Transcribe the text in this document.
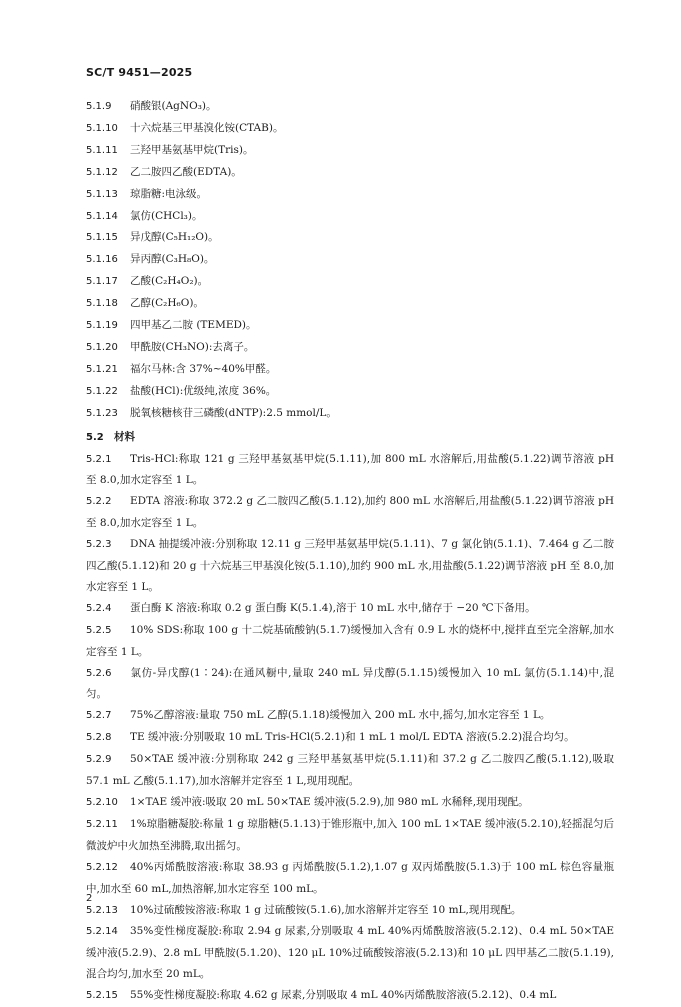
SC/T 9451—2025
5.1.9 硝酸银(AgNO₃)。
5.1.10 十六烷基三甲基溴化铵(CTAB)。
5.1.11 三羟甲基氨基甲烷(Tris)。
5.1.12 乙二胺四乙酸(EDTA)。
5.1.13 琼脂糖:电泳级。
5.1.14 氯仿(CHCl₃)。
5.1.15 异戊醇(C₅H₁₂O)。
5.1.16 异丙醇(C₃H₈O)。
5.1.17 乙酸(C₂H₄O₂)。
5.1.18 乙醇(C₂H₆O)。
5.1.19 四甲基乙二胺 (TEMED)。
5.1.20 甲酰胺(CH₃NO):去离子。
5.1.21 福尔马林:含 37%~40%甲醛。
5.1.22 盐酸(HCl):优级纯,浓度 36%。
5.1.23 脱氧核糖核苷三磷酸(dNTP):2.5 mmol/L。
5.2 材料
5.2.1 Tris-HCl:称取 121 g 三羟甲基氨基甲烷(5.1.11),加 800 mL 水溶解后,用盐酸(5.1.22)调节溶液 pH 至 8.0,加水定容至 1 L。
5.2.2 EDTA 溶液:称取 372.2 g 乙二胺四乙酸(5.1.12),加约 800 mL 水溶解后,用盐酸(5.1.22)调节溶液 pH 至 8.0,加水定容至 1 L。
5.2.3 DNA 抽提缓冲液:分别称取 12.11 g 三羟甲基氨基甲烷(5.1.11)、7 g 氯化钠(5.1.1)、7.464 g 乙二胺四乙酸(5.1.12)和 20 g 十六烷基三甲基溴化铵(5.1.10),加约 900 mL 水,用盐酸(5.1.22)调节溶液 pH 至 8.0,加水定容至 1 L。
5.2.4 蛋白酶 K 溶液:称取 0.2 g 蛋白酶 K(5.1.4),溶于 10 mL 水中,储存于 −20 ℃下备用。
5.2.5 10% SDS:称取 100 g 十二烷基硫酸钠(5.1.7)缓慢加入含有 0.9 L 水的烧杯中,搅拌直至完全溶解,加水定容至 1 L。
5.2.6 氯仿-异戊醇(1∶24):在通风橱中,量取 240 mL 异戊醇(5.1.15)缓慢加入 10 mL 氯仿(5.1.14)中,混匀。
5.2.7 75%乙醇溶液:量取 750 mL 乙醇(5.1.18)缓慢加入 200 mL 水中,摇匀,加水定容至 1 L。
5.2.8 TE 缓冲液:分别吸取 10 mL Tris-HCl(5.2.1)和 1 mL 1 mol/L EDTA 溶液(5.2.2)混合均匀。
5.2.9 50×TAE 缓冲液:分别称取 242 g 三羟甲基氨基甲烷(5.1.11)和 37.2 g 乙二胺四乙酸(5.1.12),吸取 57.1 mL 乙酸(5.1.17),加水溶解并定容至 1 L,现用现配。
5.2.10 1×TAE 缓冲液:吸取 20 mL 50×TAE 缓冲液(5.2.9),加 980 mL 水稀释,现用现配。
5.2.11 1%琼脂糖凝胶:称量 1 g 琼脂糖(5.1.13)于锥形瓶中,加入 100 mL 1×TAE 缓冲液(5.2.10),轻摇混匀后微波炉中火加热至沸腾,取出摇匀。
5.2.12 40%丙烯酰胺溶液:称取 38.93 g 丙烯酰胺(5.1.2),1.07 g 双丙烯酰胺(5.1.3)于 100 mL 棕色容量瓶中,加水至 60 mL,加热溶解,加水定容至 100 mL。
5.2.13 10%过硫酸铵溶液:称取 1 g 过硫酸铵(5.1.6),加水溶解并定容至 10 mL,现用现配。
5.2.14 35%变性梯度凝胶:称取 2.94 g 尿素,分别吸取 4 mL 40%丙烯酰胺溶液(5.2.12)、0.4 mL 50×TAE 缓冲液(5.2.9)、2.8 mL 甲酰胺(5.1.20)、120 μL 10%过硫酸铵溶液(5.2.13)和 10 μL 四甲基乙二胺(5.1.19),混合均匀,加水至 20 mL。
5.2.15 55%变性梯度凝胶:称取 4.62 g 尿素,分别吸取 4 mL 40%丙烯酰胺溶液(5.2.12)、0.4 mL
2
